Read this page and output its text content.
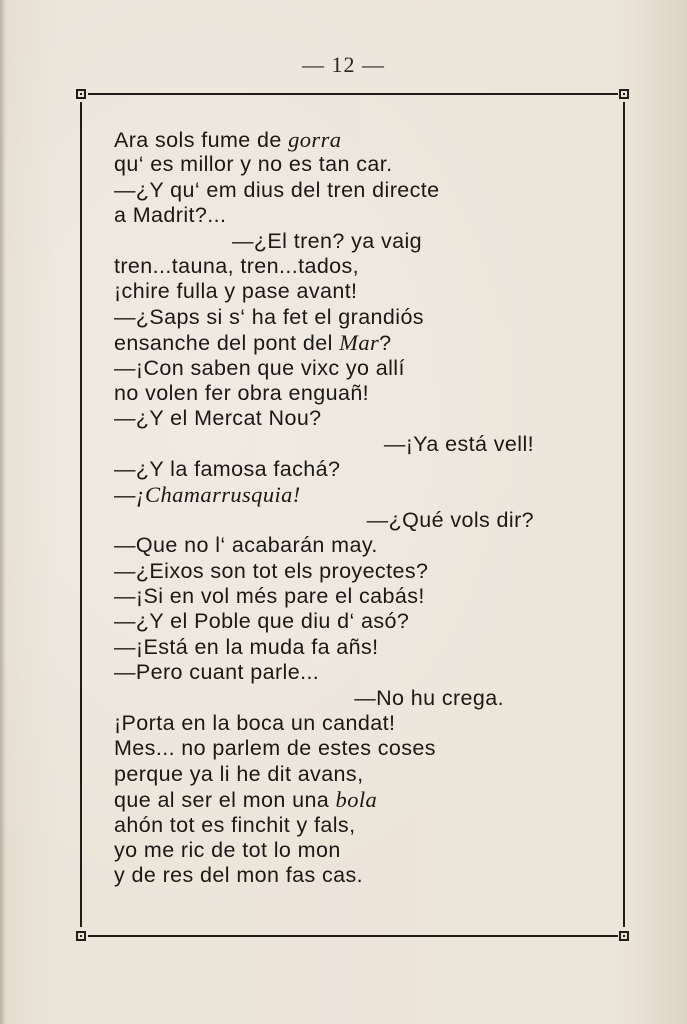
— 12 —
Ara sols fume de gorra
qu‘ es millor y no es tan car.
—¿Y qu‘ em dius del tren directe
a Madrit?...
—¿El tren? ya vaig
tren...tauna, tren...tados,
¡chire fulla y pase avant!
—¿Saps si s‘ ha fet el grandiós
ensanche del pont del Mar?
—¡Con saben que vixc yo allí
no volen fer obra enguañ!
—¿Y el Mercat Nou?
—¡Ya está vell!
—¿Y la famosa fachá?
—¡Chamarrusquia!
—¿Qué vols dir?
—Que no l‘ acabarán may.
—¿Eixos son tot els proyectes?
—¡Si en vol més pare el cabás!
—¿Y el Poble que diu d‘ asó?
—¡Está en la muda fa añs!
—Pero cuant parle...
—No hu crega.
¡Porta en la boca un candat!
Mes... no parlem de estes coses
perque ya li he dit avans,
que al ser el mon una bola
ahón tot es finchit y fals,
yo me ric de tot lo mon
y de res del mon fas cas.
